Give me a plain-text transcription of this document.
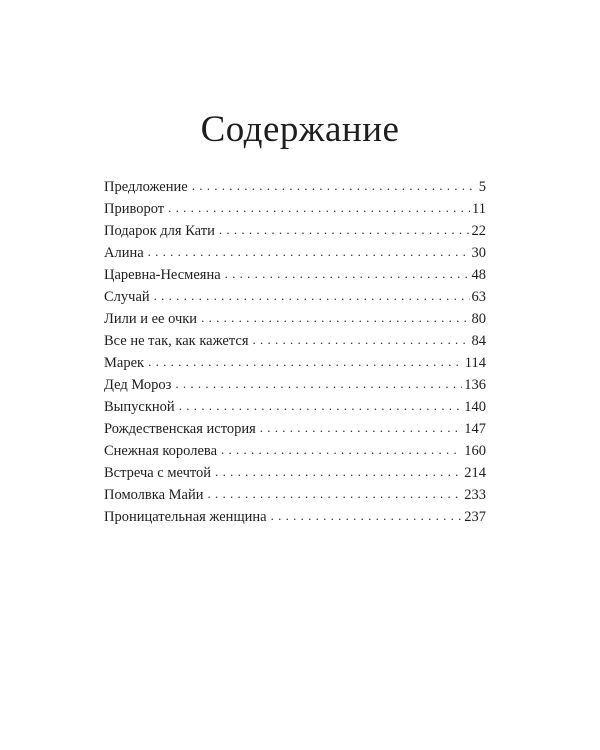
Содержание
Предложение . . .	5
Приворот . . .	11
Подарок для Кати . . .	22
Алина . . .	30
Царевна-Несмеяна . . .	48
Случай . . .	63
Лили и ее очки . . .	80
Все не так, как кажется . . .	84
Марек . . .	114
Дед Мороз . . .	136
Выпускной . . .	140
Рождественская история . . .	147
Снежная королева . . .	160
Встреча с мечтой . . .	214
Помолвка Майи . . .	233
Проницательная женщина . . .	237
